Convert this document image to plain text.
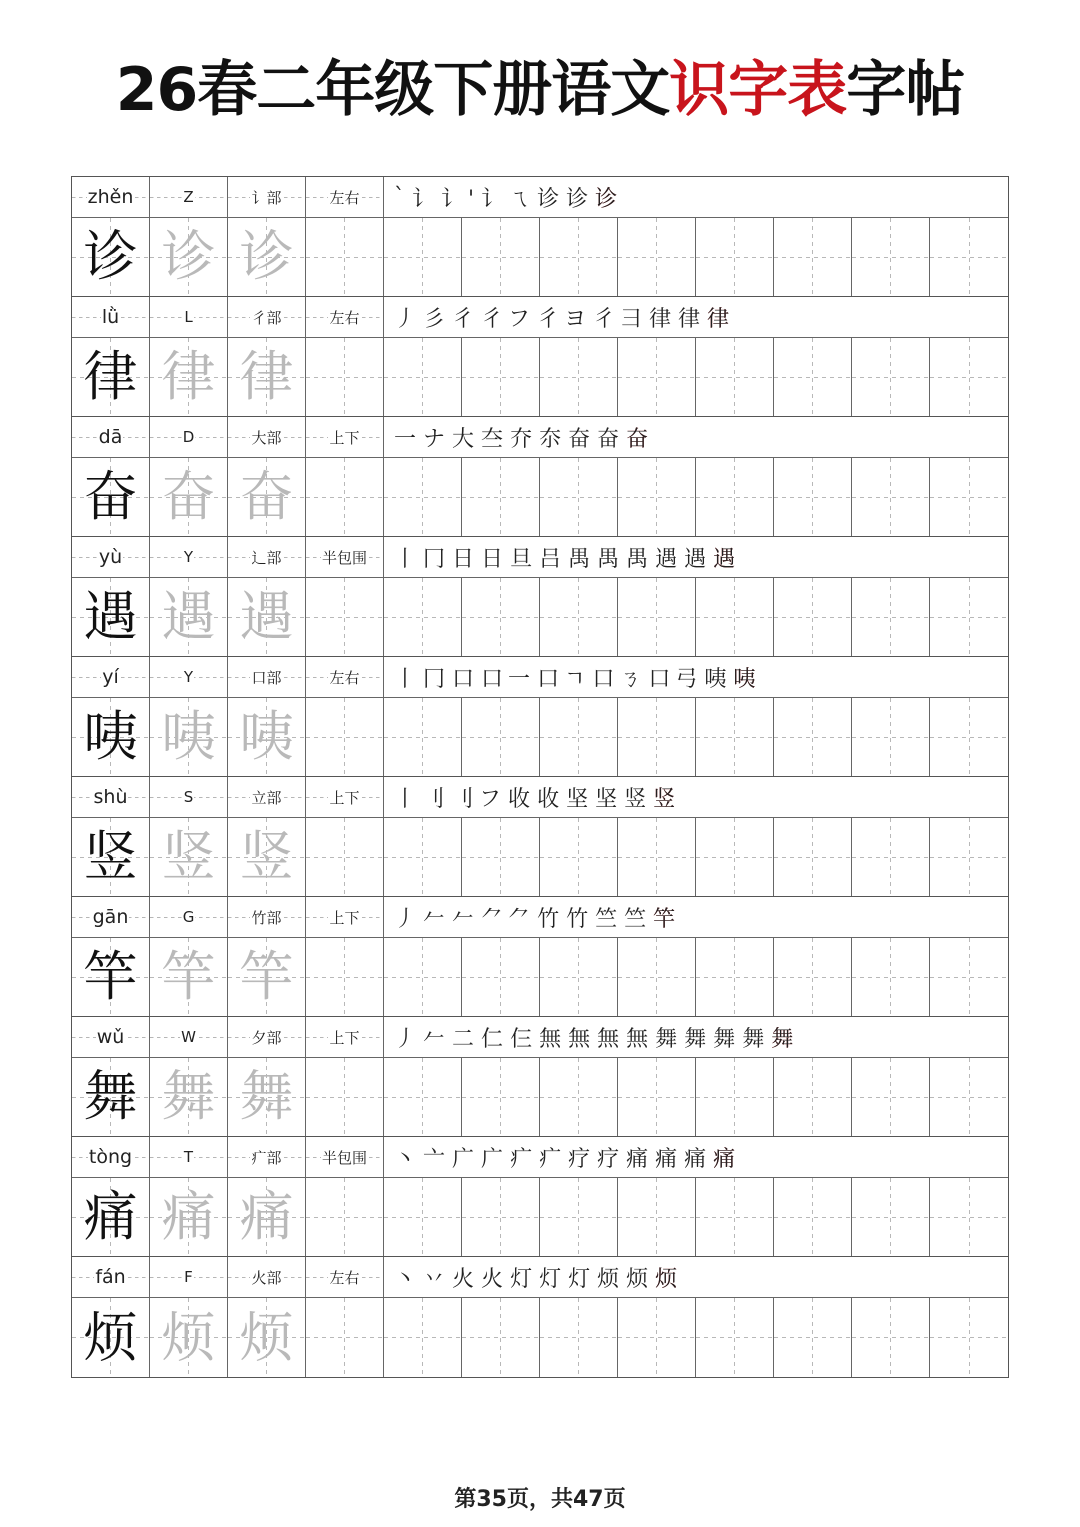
26春二年级下册语文识字表字帖
zhěn	Z	讠部	左右 ` 讠 讠' 讠ㄟ 诊 诊 诊
诊 诊 诊
lǜ	L	彳部	左右 丿 彡 彳 彳フ 彳ヨ 彳⺕ 律 律 律
律 律 律
dā	D	大部	上下 一 ナ 大 夳 夰 夵 奋 奋 奋
奋 奋 奋
yù	Y	辶部	半包围 丨 冂 日 日 旦 吕 禺 禺 禺 遇 遇 遇
遇 遇 遇
yí	Y	口部	左右 丨 冂 口 口一 口ㄱ 口ㄋ 口弓 咦 咦
咦 咦 咦
shù	S	立部	上下 丨 刂 刂フ 收 收 坚 坚 竖 竖
竖 竖 竖
gān	G	竹部	上下 丿 𠂉 𠂉 ⺈⺈ 竹 竹 竺 竺 竿
竿 竿 竿
wǔ	W	夕部	上下 丿 𠂉 二 仁 仨 無 無 無 無 舞 舞 舞 舞 舞
舞 舞 舞
tòng	T	疒部	半包围 丶 亠 广 广 疒 疒 疗 疗 痛 痛 痛 痛
痛 痛 痛
fán	F	火部	左右 丶 丷 火 火 灯 灯 灯 烦 烦 烦
烦 烦 烦
第35页，共47页
